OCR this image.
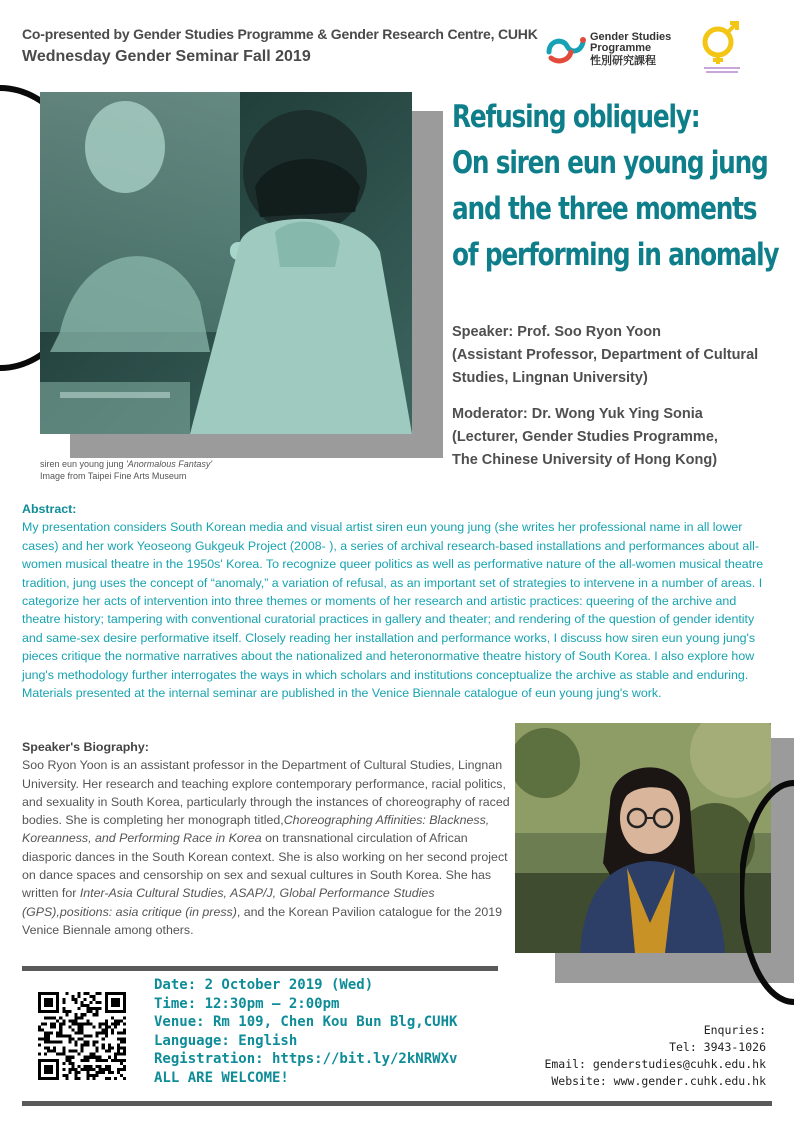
Co-presented by Gender Studies Programme & Gender Research Centre, CUHK
Wednesday Gender Seminar Fall 2019
Gender Studies Programme
性別研究課程
Refusing obliquely:
On siren eun young jung
and the three moments
of performing in anomaly
Speaker: Prof. Soo Ryon Yoon
(Assistant Professor, Department of Cultural
Studies, Lingnan University)
Moderator: Dr. Wong Yuk Ying Sonia
(Lecturer, Gender Studies Programme,
The Chinese University of Hong Kong)
siren eun young jung 'Anormalous Fantasy'
Image from Taipei Fine Arts Museum
Abstract:
My presentation considers South Korean media and visual artist siren eun young jung (she writes her professional name in all lower cases) and her work Yeoseong Gukgeuk Project (2008- ), a series of archival research-based installations and performances about all-women musical theatre in the 1950s' Korea. To recognize queer politics as well as performative nature of the all-women musical theatre tradition, jung uses the concept of “anomaly,” a variation of refusal, as an important set of strategies to intervene in a number of areas. I categorize her acts of intervention into three themes or moments of her research and artistic practices: queering of the archive and theatre history; tampering with conventional curatorial practices in gallery and theater; and rendering of the question of gender identity and same-sex desire performative itself. Closely reading her installation and performance works, I discuss how siren eun young jung's pieces critique the normative narratives about the nationalized and heteronormative theatre history of South Korea. I also explore how jung's methodology further interrogates the ways in which scholars and institutions conceptualize the archive as stable and enduring. Materials presented at the internal seminar are published in the Venice Biennale catalogue of eun young jung's work.
Speaker's Biography:
Soo Ryon Yoon is an assistant professor in the Department of Cultural Studies, Lingnan University. Her research and teaching explore contemporary performance, racial politics, and sexuality in South Korea, particularly through the instances of choreography of raced bodies. She is completing her monograph titled,Choreographing Affinities: Blackness, Koreanness, and Performing Race in Korea on transnational circulation of African diasporic dances in the South Korean context. She is also working on her second project on dance spaces and censorship on sex and sexual cultures in South Korea. She has written for Inter-Asia Cultural Studies, ASAP/J, Global Performance Studies (GPS),positions: asia critique (in press), and the Korean Pavilion catalogue for the 2019 Venice Biennale among others.
Date: 2 October 2019 (Wed)
Time: 12:30pm – 2:00pm
Venue: Rm 109, Chen Kou Bun Blg,CUHK
Language: English
Registration: https://bit.ly/2kNRWXv
ALL ARE WELCOME!
Enquries:
Tel: 3943-1026
Email: genderstudies@cuhk.edu.hk
Website: www.gender.cuhk.edu.hk
